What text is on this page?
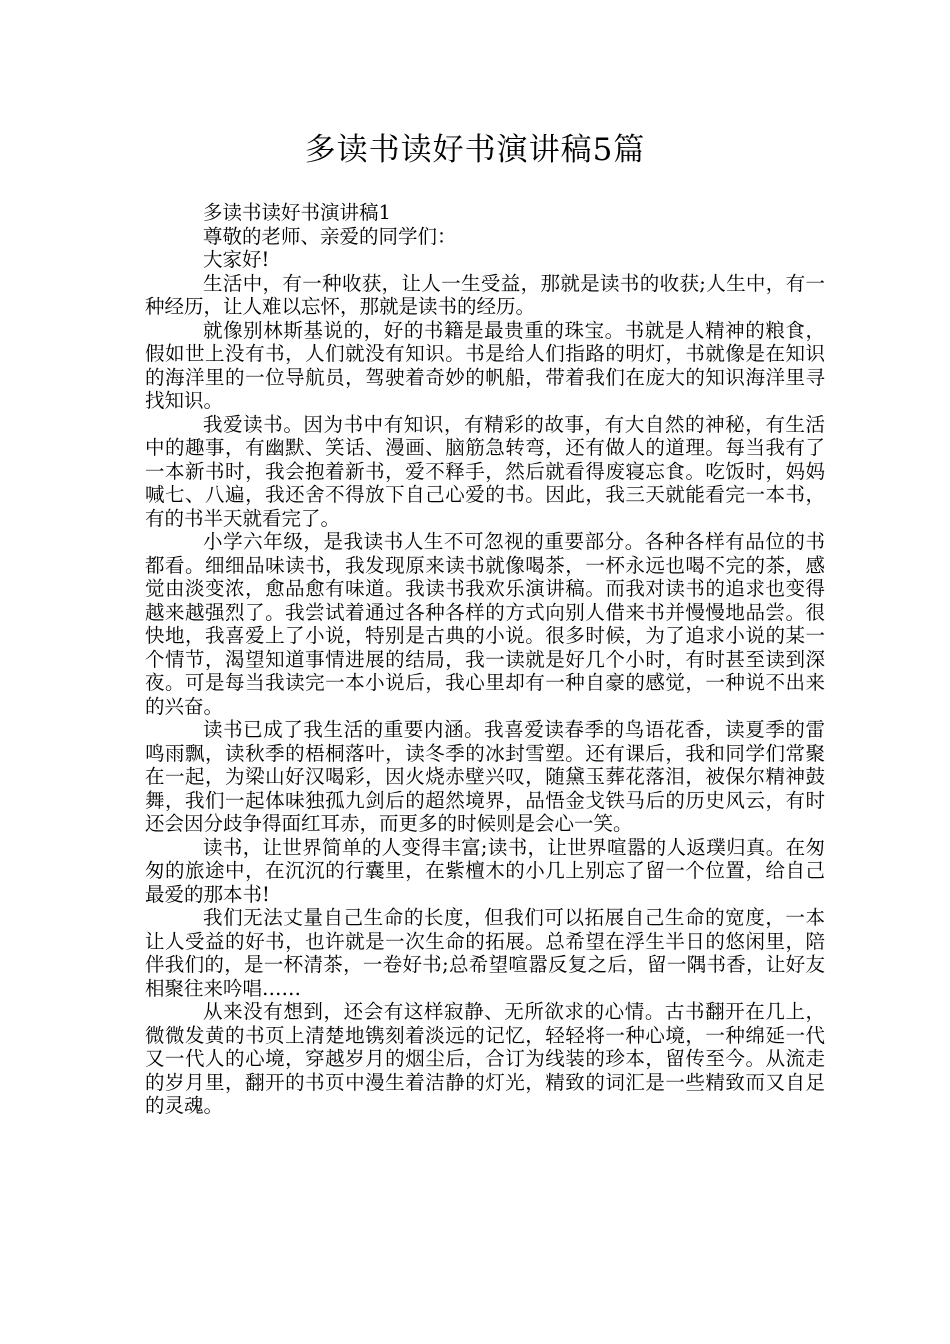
多读书读好书演讲稿5篇

多读书读好书演讲稿1

尊敬的老师、亲爱的同学们：

大家好!

生活中，有一种收获，让人一生受益，那就是读书的收获;人生中，有一种经历，让人难以忘怀，那就是读书的经历。

就像别林斯基说的，好的书籍是最贵重的珠宝。书就是人精神的粮食，假如世上没有书，人们就没有知识。书是给人们指路的明灯，书就像是在知识的海洋里的一位导航员，驾驶着奇妙的帆船，带着我们在庞大的知识海洋里寻找知识。

我爱读书。因为书中有知识，有精彩的故事，有大自然的神秘，有生活中的趣事，有幽默、笑话、漫画、脑筋急转弯，还有做人的道理。每当我有了一本新书时，我会抱着新书，爱不释手，然后就看得废寝忘食。吃饭时，妈妈喊七、八遍，我还舍不得放下自己心爱的书。因此，我三天就能看完一本书，有的书半天就看完了。

小学六年级，是我读书人生不可忽视的重要部分。各种各样有品位的书都看。细细品味读书，我发现原来读书就像喝茶，一杯永远也喝不完的茶，感觉由淡变浓，愈品愈有味道。我读书我欢乐演讲稿。而我对读书的追求也变得越来越强烈了。我尝试着通过各种各样的方式向别人借来书并慢慢地品尝。很快地，我喜爱上了小说，特别是古典的小说。很多时候，为了追求小说的某一个情节，渴望知道事情进展的结局，我一读就是好几个小时，有时甚至读到深夜。可是每当我读完一本小说后，我心里却有一种自豪的感觉，一种说不出来的兴奋。

读书已成了我生活的重要内涵。我喜爱读春季的鸟语花香，读夏季的雷鸣雨飘，读秋季的梧桐落叶，读冬季的冰封雪塑。还有课后，我和同学们常聚在一起，为梁山好汉喝彩，因火烧赤壁兴叹，随黛玉葬花落泪，被保尔精神鼓舞，我们一起体味独孤九剑后的超然境界，品悟金戈铁马后的历史风云，有时还会因分歧争得面红耳赤，而更多的时候则是会心一笑。

读书，让世界简单的人变得丰富;读书，让世界喧嚣的人返璞归真。在匆匆的旅途中，在沉沉的行囊里，在紫檀木的小几上别忘了留一个位置，给自己最爱的那本书!

我们无法丈量自己生命的长度，但我们可以拓展自己生命的宽度，一本让人受益的好书，也许就是一次生命的拓展。总希望在浮生半日的悠闲里，陪伴我们的，是一杯清茶，一卷好书;总希望喧嚣反复之后，留一隅书香，让好友相聚往来吟唱……

从来没有想到，还会有这样寂静、无所欲求的心情。古书翻开在几上，微微发黄的书页上清楚地镌刻着淡远的记忆，轻轻将一种心境，一种绵延一代又一代人的心境，穿越岁月的烟尘后，合订为线装的珍本，留传至今。从流走的岁月里，翻开的书页中漫生着洁静的灯光，精致的词汇是一些精致而又自足的灵魂。
